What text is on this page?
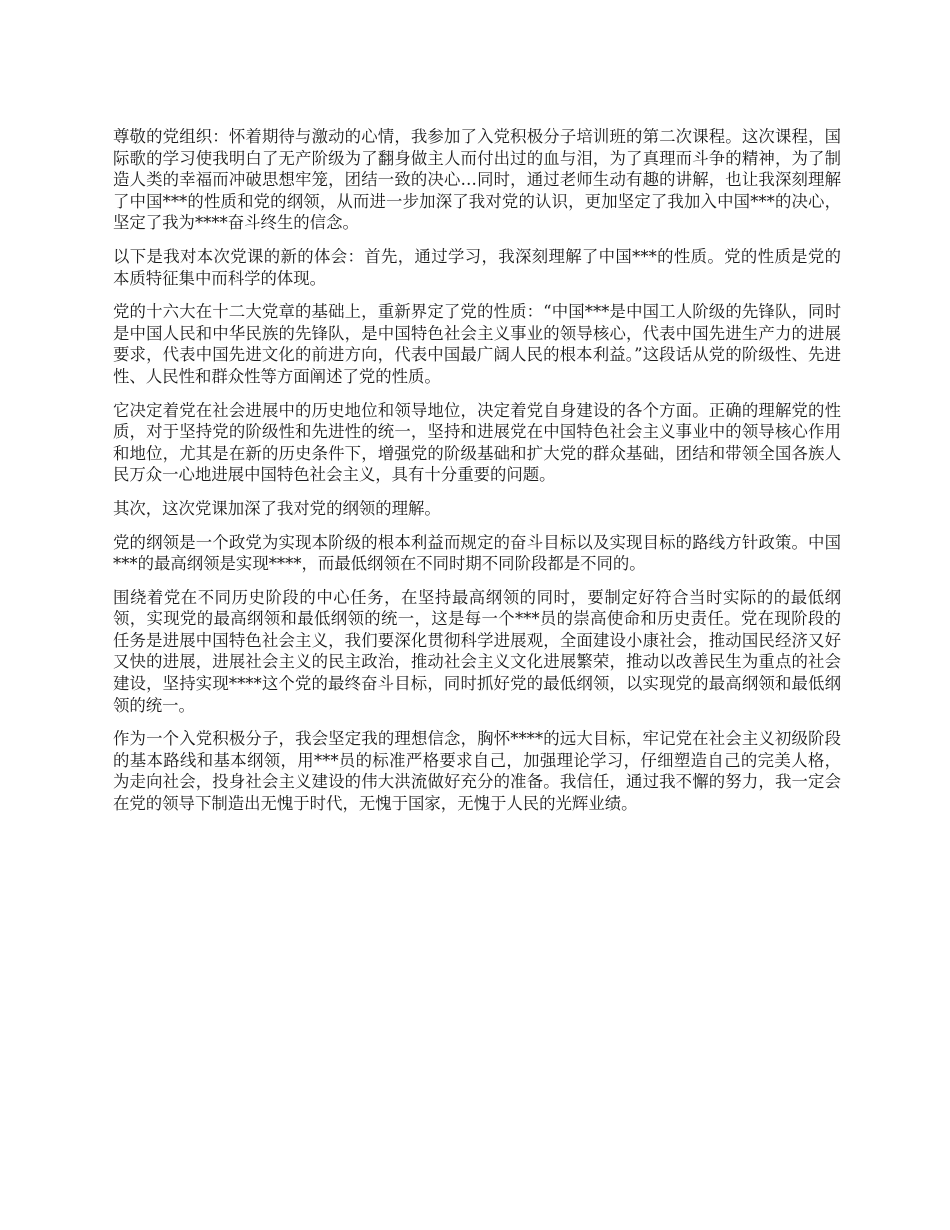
尊敬的党组织：怀着期待与激动的心情，我参加了入党积极分子培训班的第二次课程。这次课程，国际歌的学习使我明白了无产阶级为了翻身做主人而付出过的血与泪，为了真理而斗争的精神，为了制造人类的幸福而冲破思想牢笼，团结一致的决心…同时，通过老师生动有趣的讲解，也让我深刻理解了中国***的性质和党的纲领，从而进一步加深了我对党的认识，更加坚定了我加入中国***的决心，坚定了我为****奋斗终生的信念。

以下是我对本次党课的新的体会：首先，通过学习，我深刻理解了中国***的性质。党的性质是党的本质特征集中而科学的体现。

党的十六大在十二大党章的基础上，重新界定了党的性质：“中国***是中国工人阶级的先锋队，同时是中国人民和中华民族的先锋队，是中国特色社会主义事业的领导核心，代表中国先进生产力的进展要求，代表中国先进文化的前进方向，代表中国最广阔人民的根本利益。”这段话从党的阶级性、先进性、人民性和群众性等方面阐述了党的性质。

它决定着党在社会进展中的历史地位和领导地位，决定着党自身建设的各个方面。正确的理解党的性质，对于坚持党的阶级性和先进性的统一，坚持和进展党在中国特色社会主义事业中的领导核心作用和地位，尤其是在新的历史条件下，增强党的阶级基础和扩大党的群众基础，团结和带领全国各族人民万众一心地进展中国特色社会主义，具有十分重要的问题。

其次，这次党课加深了我对党的纲领的理解。

党的纲领是一个政党为实现本阶级的根本利益而规定的奋斗目标以及实现目标的路线方针政策。中国***的最高纲领是实现****，而最低纲领在不同时期不同阶段都是不同的。

围绕着党在不同历史阶段的中心任务，在坚持最高纲领的同时，要制定好符合当时实际的的最低纲领，实现党的最高纲领和最低纲领的统一，这是每一个***员的崇高使命和历史责任。党在现阶段的任务是进展中国特色社会主义，我们要深化贯彻科学进展观，全面建设小康社会，推动国民经济又好又快的进展，进展社会主义的民主政治，推动社会主义文化进展繁荣，推动以改善民生为重点的社会建设，坚持实现****这个党的最终奋斗目标，同时抓好党的最低纲领，以实现党的最高纲领和最低纲领的统一。

作为一个入党积极分子，我会坚定我的理想信念，胸怀****的远大目标，牢记党在社会主义初级阶段的基本路线和基本纲领，用***员的标准严格要求自己，加强理论学习，仔细塑造自己的完美人格，为走向社会，投身社会主义建设的伟大洪流做好充分的准备。我信任，通过我不懈的努力，我一定会在党的领导下制造出无愧于时代，无愧于国家，无愧于人民的光辉业绩。
